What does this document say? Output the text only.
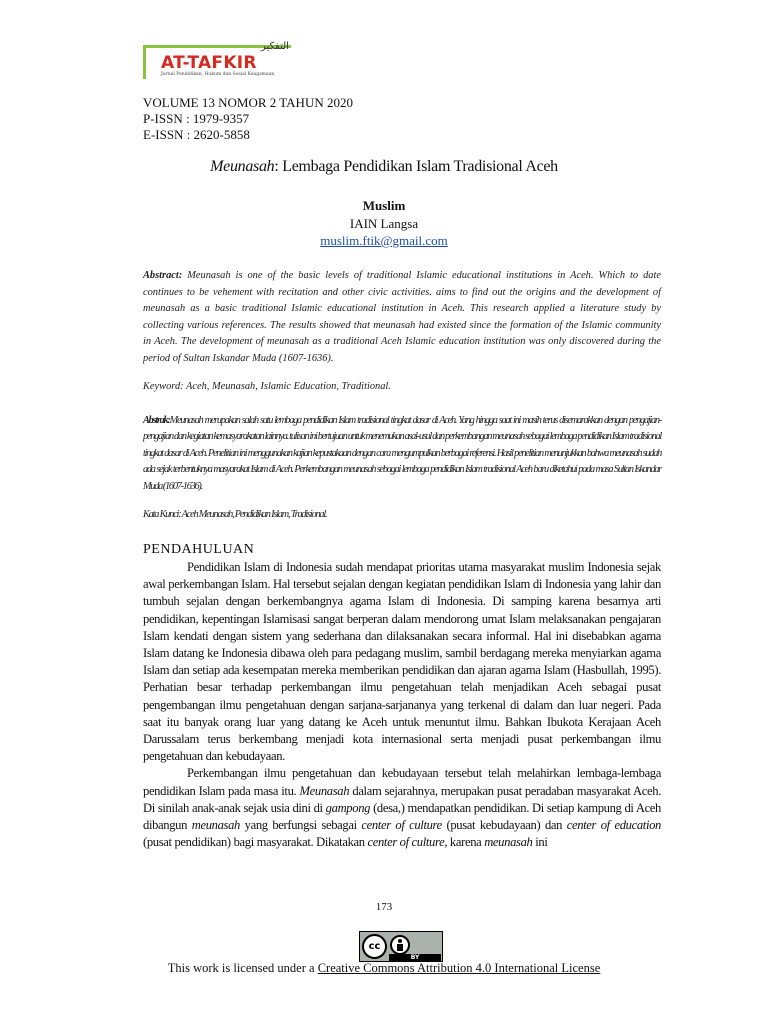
AT-TAFKIR
التفكير
Jurnal Pendidikan, Hukum dan Sosial Keagamaan
VOLUME 13 NOMOR 2 TAHUN 2020
P-ISSN : 1979-9357
E-ISSN : 2620-5858
Meunasah: Lembaga Pendidikan Islam Tradisional Aceh
Muslim
IAIN Langsa
muslim.ftik@gmail.com
Abstract: Meunasah is one of the basic levels of traditional Islamic educational institutions in Aceh. Which to date continues to be vehement with recitation and other civic activities. aims to find out the origins and the development of meunasah as a basic traditional Islamic educational institution in Aceh. This research applied a literature study by collecting various references. The results showed that meunasah had existed since the formation of the Islamic community in Aceh. The development of meunasah as a traditional Aceh Islamic education institution was only discovered during the period of Sultan Iskandar Muda (1607-1636).
Keyword: Aceh, Meunasah, Islamic Education, Traditional.
Abstrak:Meunasah merupakan salah satu lembaga pendidikan Islam tradisional tingkat dasar di Aceh. Yang hingga saat ini masih terus disemarakkan dengan pengajian-pengajian dan kegiatan kemasyarakatan lainnya. tulisan ini bertujuan untuk menemukan asal-usul dan perkembangan meunasah sebagai lembaga pendidikan Islam tradisional tingkat dasar di Aceh. Penelitian ini menggunakan kajian kepustakaan dengan cara mengumpulkan berbagai referensi. Hasil penelitian menunjukkan bahwa meunasah sudah ada sejak terbentuknya masyarakat Islam di Aceh. Perkembangan meunasah sebagai lembaga pendidikan Islam tradisional Aceh baru diketahui pada masa Sultan Iskandar Muda (1607-1636).
Kata Kunci: Aceh Meunasah, Pendidikan Islam, Tradisional.
PENDAHULUAN

Pendidikan Islam di Indonesia sudah mendapat prioritas utama masyarakat muslim Indonesia sejak awal perkembangan Islam. Hal tersebut sejalan dengan kegiatan pendidikan Islam di Indonesia yang lahir dan tumbuh sejalan dengan berkembangnya agama Islam di Indonesia. Di samping karena besarnya arti pendidikan, kepentingan Islamisasi sangat berperan dalam mendorong umat Islam melaksanakan pengajaran Islam kendati dengan sistem yang sederhana dan dilaksanakan secara informal. Hal ini disebabkan agama Islam datang ke Indonesia dibawa oleh para pedagang muslim, sambil berdagang mereka menyiarkan agama Islam dan setiap ada kesempatan mereka memberikan pendidikan dan ajaran agama Islam (Hasbullah, 1995). Perhatian besar terhadap perkembangan ilmu pengetahuan telah menjadikan Aceh sebagai pusat pengembangan ilmu pengetahuan dengan sarjana-sarjananya yang terkenal di dalam dan luar negeri. Pada saat itu banyak orang luar yang datang ke Aceh untuk menuntut ilmu. Bahkan Ibukota Kerajaan Aceh Darussalam terus berkembang menjadi kota internasional serta menjadi pusat perkembangan ilmu pengetahuan dan kebudayaan.

Perkembangan ilmu pengetahuan dan kebudayaan tersebut telah melahirkan lembaga-lembaga pendidikan Islam pada masa itu. Meunasah dalam sejarahnya, merupakan pusat peradaban masyarakat Aceh. Di sinilah anak-anak sejak usia dini di gampong (desa,) mendapatkan pendidikan. Di setiap kampung di Aceh dibangun meunasah yang berfungsi sebagai center of culture (pusat kebudayaan) dan center of education (pusat pendidikan) bagi masyarakat. Dikatakan center of culture, karena meunasah ini

173
cc
BY
This work is licensed under a Creative Commons Attribution 4.0 International License
